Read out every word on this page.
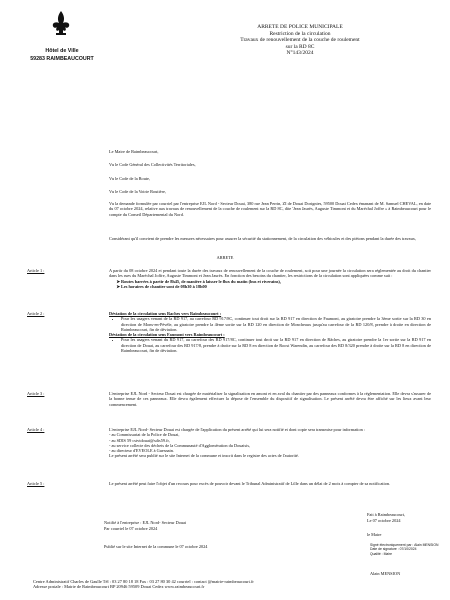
Hôtel de Ville
59283 RAIMBEAUCOURT
ARRETE DE POLICE MUNICIPALE
Restriction de la circulation
Travaux de renouvellement de la couche de roulement
sur la RD 8C
N°143/2024
Le Maire de Raimbeaucourt,
Vu le Code Général des Collectivités Territoriales,
Vu le Code de la Route,
Vu le Code de la Voirie Routière,
Vu la demande formulée par courriel par l'entreprise EJL Nord - Secteur Douai, 380 rue Jean Perrin, ZI de Douai Dorignies, 59500 Douai Cedex émanant de M. Samuel CHEVAL, en date du 07 octobre 2024, relative aux travaux de renouvellement de la couche de roulement sur la RD 8C, dite 'Jean Jaurès, Auguste Timmont et du Maréchal Joffre » à Raimbeaucourt pour le compte du Conseil Départemental du Nord.
Considérant qu'il convient de prendre les mesures nécessaires pour assurer la sécurité du stationnement, de la circulation des véhicules et des piétons pendant la durée des travaux,
ARRETE
Article 1 :	A partir du 08 octobre 2024 et pendant toute la durée des travaux de renouvellement de la couche de roulement, soit pour une journée la circulation sera réglementée au droit du chantier dans les rues du Maréchal Joffre, Auguste Timmont et Jean Jaurès. En fonction des besoins du chantier, les restrictions de la circulation sont appliquées comme suit :
➤ Routes barrées à partir de 8h45, de manière à laisser le flux du matin (bus et riverains),
➤ Les horaires de chantier sont de 08h30 à 18h00
Article 2 :	Déviation de la circulation sens Raches vers Raimbeaucourt :
• Pour les usagers venant de la RD 917, au carrefour RD 917/8C, continuer tout droit sur la RD 917 en direction de Faumont, au giratoire prendre la 3ème sortie sur la RD 30 en direction de Mons-en-Pévèle, au giratoire prendre la 4ème sortie sur la RD 120 en direction de Moncheaux jusqu'au carrefour de la RD 120/8, prendre à droite en direction de Raimbeaucourt, fin de déviation.
Déviation de la circulation sens Faumont vers Raimbeaucourt :
• Pour les usagers venant du RD 917, au carrefour des RD 917/8C, continuer tout droit sur la RD 917 en direction de Râches, au giratoire prendre la 1er sortie sur la RD 917 en direction de Douai, au carrefour des RD 917/8, prendre à droite sur la RD 8 en direction de Roost Warendin, au carrefour des RD 8/320 prendre à droite sur la RD 8 en direction de Raimbeaucourt, fin de déviation.
Article 3 :	L'entreprise EJL Nord - Secteur Douai est chargée de matérialiser la signalisation en amont et en aval du chantier par des panneaux conformes à la réglementation. Elle devra s'assurer de la bonne tenue de ces panneaux. Elle devra également effectuer la dépose de l'ensemble du dispositif de signalisation. Le présent arrêté devra être affiché sur les lieux avant leur commencement.
Article 4 :	L'entreprise EJL Nord- Secteur Douai est chargée de l'application du présent arrêté qui lui sera notifié et dont copie sera transmise pour information :
- au Commissariat de la Police de Douai,
- au SDIS 59 cstvtdouai@sdis59.fr,
- au service collecte des déchets de la Communauté d'Agglomération du Douaisis,
- au directeur d'EVEOLE à Guesnain.
Le présent arrêté sera publié sur le site Internet de la commune et inscrit dans le registre des actes de l'autorité.
Article 5 :	Le présent arrêté peut faire l'objet d'un recours pour excès de pouvoir devant le Tribunal Administratif de Lille dans un délai de 2 mois à compter de sa notification.
Notifié à l'entreprise : EJL Nord- Secteur Douai
Par courriel le 07 octobre 2024
Publié sur le site Internet de la commune le 07 octobre 2024
Fait à Raimbeaucourt,
Le 07 octobre 2024
le Maire
Signé électroniquement par : Alain MENSION
Date de signature : 07/10/2024
Qualité : Maire
Alain MENSION
Centre Administratif Charles de Gaulle Tél : 03 27 80 18 18 Fax : 03 27 80 30 42 courriel : contact @mairie-raimbeaucourt.fr
Adresse postale : Mairie de Raimbeaucourt BP 20946 59509 Douai Cedex www.raimbeaucourt.fr
